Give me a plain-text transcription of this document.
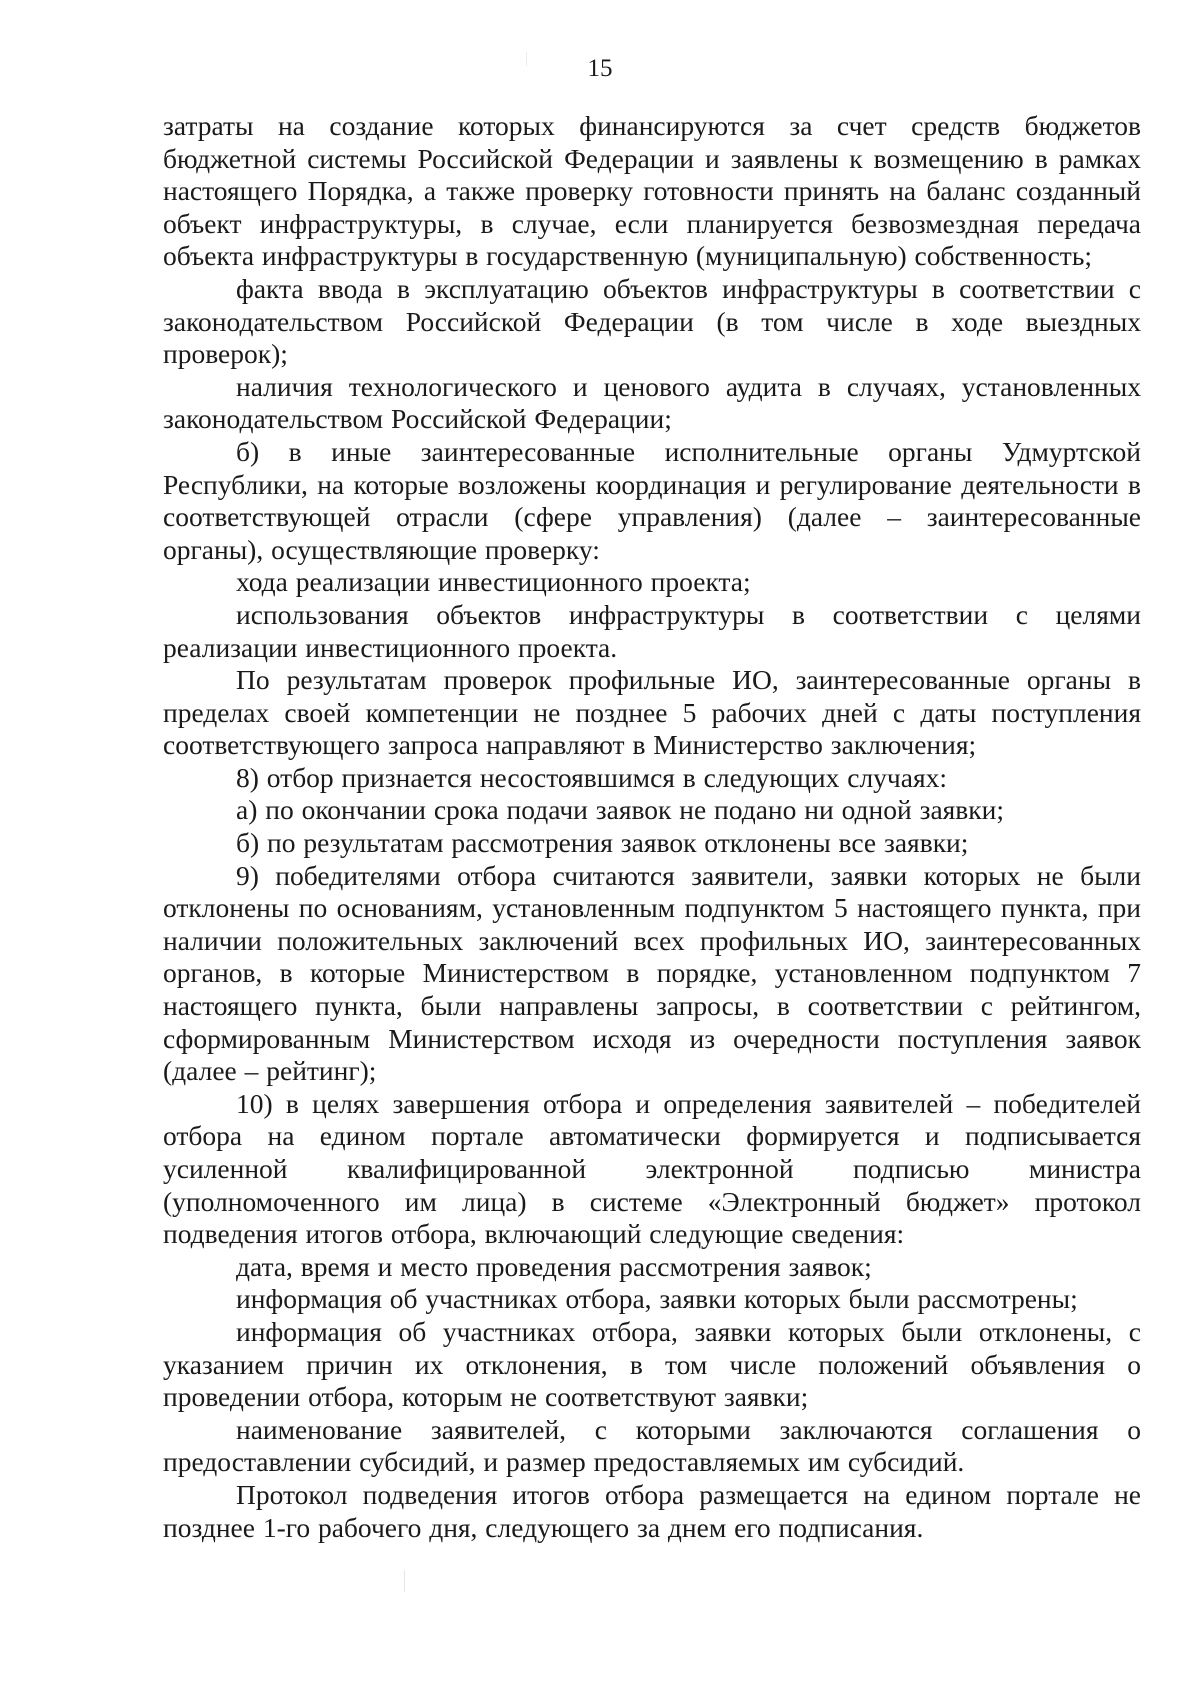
15

затраты на создание которых финансируются за счет средств бюджетов бюджетной системы Российской Федерации и заявлены к возмещению в рамках настоящего Порядка, а также проверку готовности принять на баланс созданный объект инфраструктуры, в случае, если планируется безвозмездная передача объекта инфраструктуры в государственную (муниципальную) собственность;

факта ввода в эксплуатацию объектов инфраструктуры в соответствии с законодательством Российской Федерации (в том числе в ходе выездных проверок);

наличия технологического и ценового аудита в случаях, установленных законодательством Российской Федерации;

б) в иные заинтересованные исполнительные органы Удмуртской Республики, на которые возложены координация и регулирование деятельности в соответствующей отрасли (сфере управления) (далее – заинтересованные органы), осуществляющие проверку:

хода реализации инвестиционного проекта;

использования объектов инфраструктуры в соответствии с целями реализации инвестиционного проекта.

По результатам проверок профильные ИО, заинтересованные органы в пределах своей компетенции не позднее 5 рабочих дней с даты поступления соответствующего запроса направляют в Министерство заключения;

8) отбор признается несостоявшимся в следующих случаях:

а) по окончании срока подачи заявок не подано ни одной заявки;

б) по результатам рассмотрения заявок отклонены все заявки;

9) победителями отбора считаются заявители, заявки которых не были отклонены по основаниям, установленным подпунктом 5 настоящего пункта, при наличии положительных заключений всех профильных ИО, заинтересованных органов, в которые Министерством в порядке, установленном подпунктом 7 настоящего пункта, были направлены запросы, в соответствии с рейтингом, сформированным Министерством исходя из очередности поступления заявок (далее – рейтинг);

10) в целях завершения отбора и определения заявителей – победителей отбора на едином портале автоматически формируется и подписывается усиленной квалифицированной электронной подписью министра (уполномоченного им лица) в системе «Электронный бюджет» протокол подведения итогов отбора, включающий следующие сведения:

дата, время и место проведения рассмотрения заявок;

информация об участниках отбора, заявки которых были рассмотрены;

информация об участниках отбора, заявки которых были отклонены, с указанием причин их отклонения, в том числе положений объявления о проведении отбора, которым не соответствуют заявки;

наименование заявителей, с которыми заключаются соглашения о предоставлении субсидий, и размер предоставляемых им субсидий.

Протокол подведения итогов отбора размещается на едином портале не позднее 1-го рабочего дня, следующего за днем его подписания.
